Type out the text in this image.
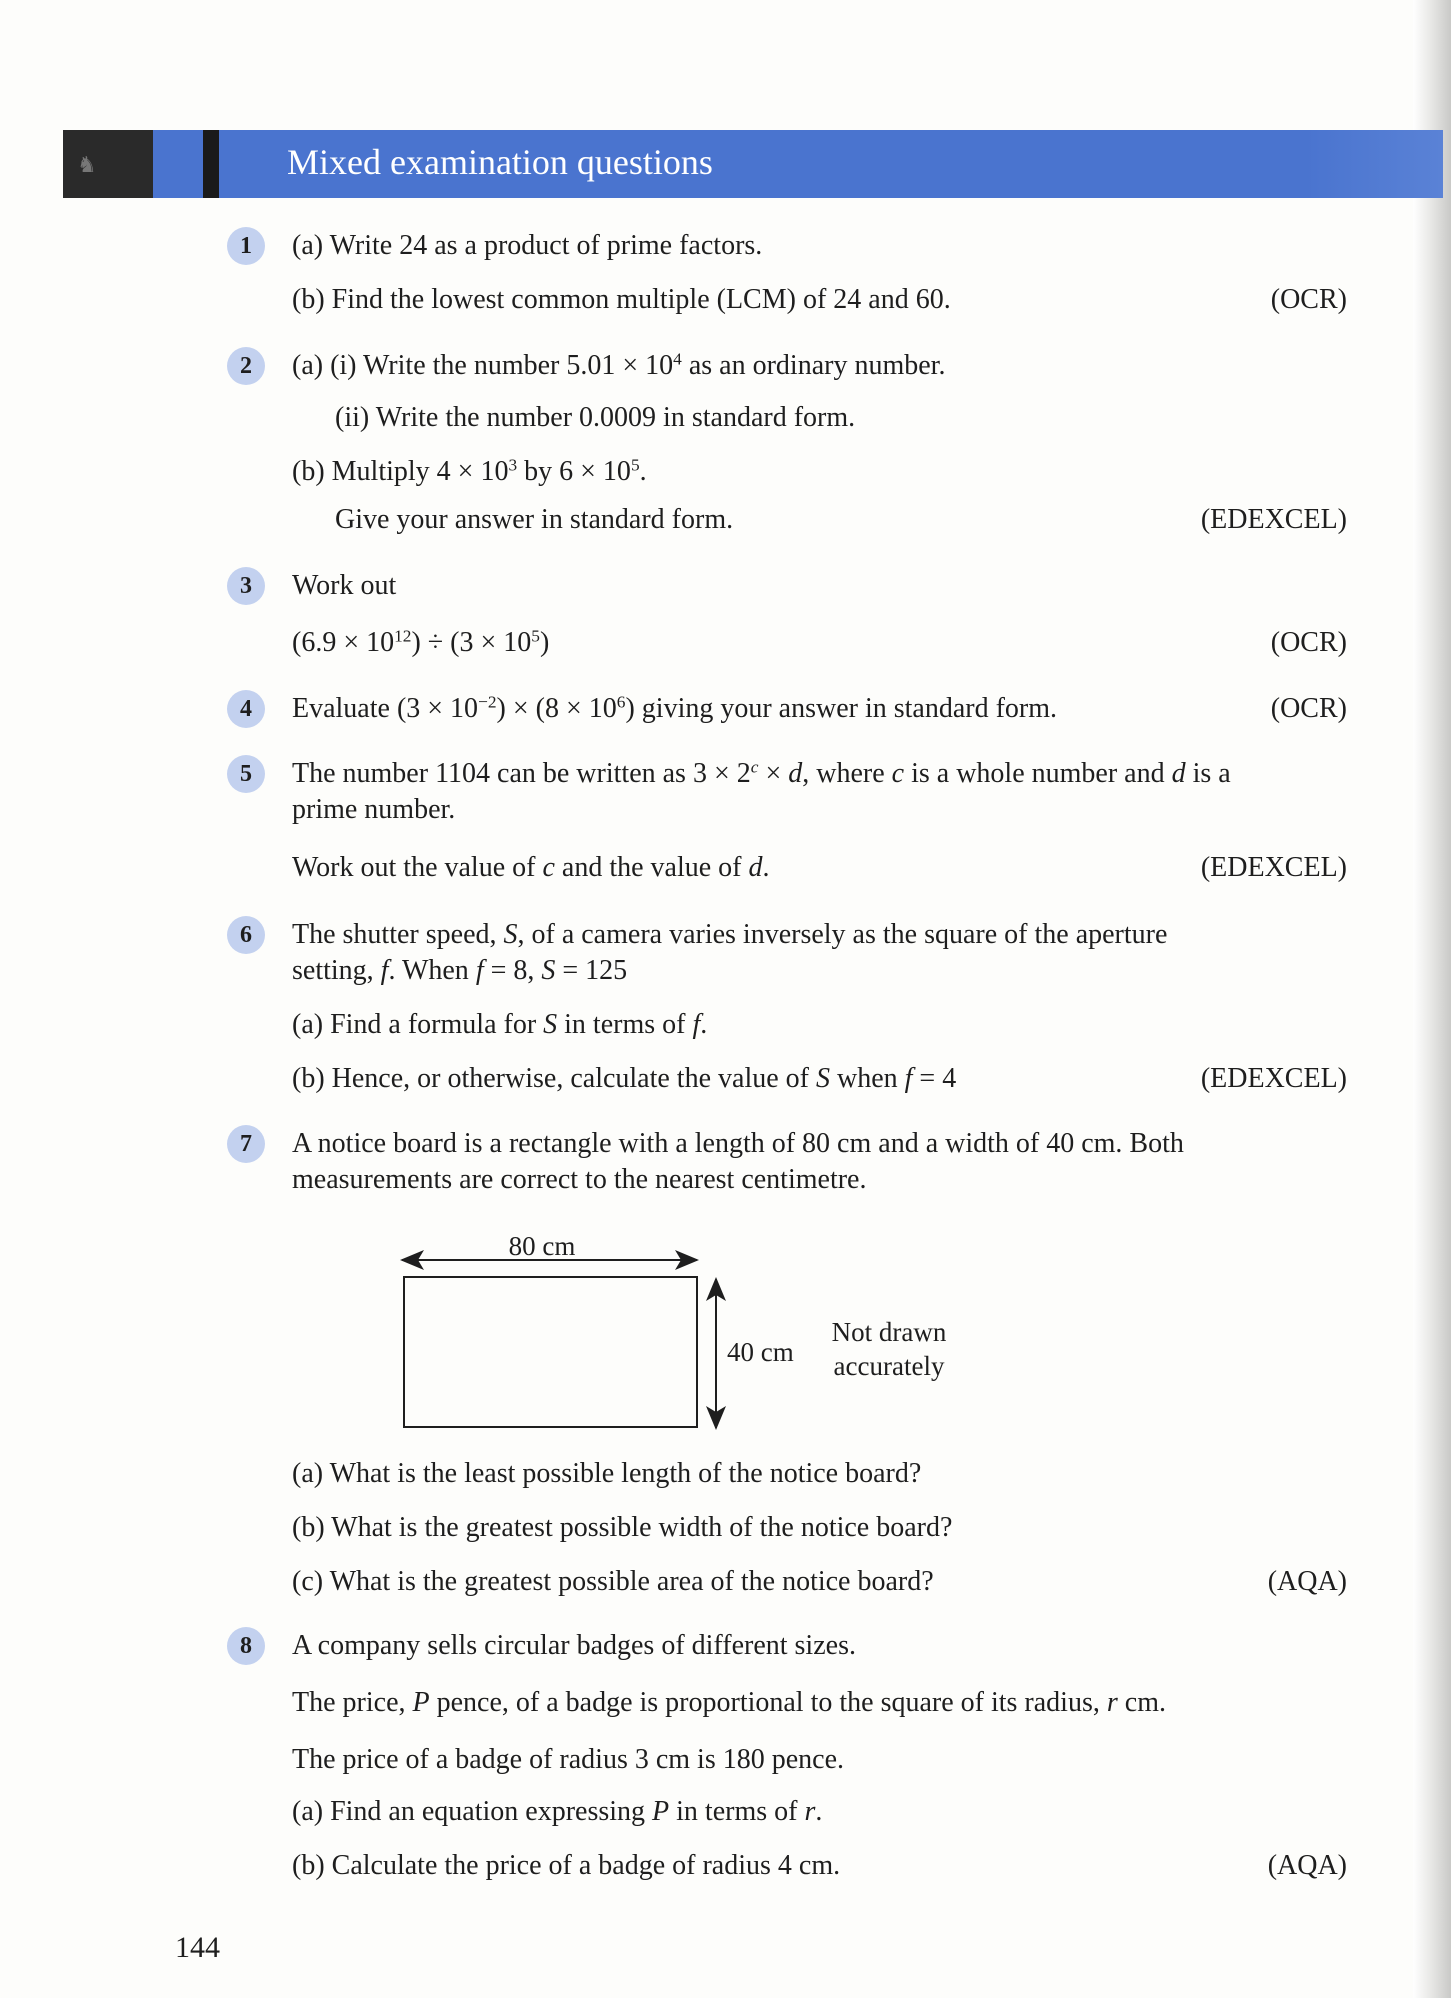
♞	Mixed examination questions
1	(a) Write 24 as a product of prime factors.
(b) Find the lowest common multiple (LCM) of 24 and 60.	(OCR)
2	(a) (i) Write the number $5.01 \times 10^4$ as an ordinary number.
(ii) Write the number 0.0009 in standard form.
(b) Multiply $4 \times 10^3$ by $6 \times 10^5$.
Give your answer in standard form.	(EDEXCEL)
3	Work out
$(6.9 \times 10^{12}) \div (3 \times 10^5)$	(OCR)
4	Evaluate $(3 \times 10^{-2}) \times (8 \times 10^6)$ giving your answer in standard form.	(OCR)
5	The number 1104 can be written as $3 \times 2^c \times d$, where c is a whole number and d is a
prime number.
Work out the value of c and the value of d.	(EDEXCEL)
6	The shutter speed, S, of a camera varies inversely as the square of the aperture
setting, f. When f = 8, S = 125
(a) Find a formula for S in terms of f.
(b) Hence, or otherwise, calculate the value of S when f = 4	(EDEXCEL)
7	A notice board is a rectangle with a length of 80 cm and a width of 40 cm. Both
measurements are correct to the nearest centimetre.
80 cm
40 cm
Not drawn
accurately
(a) What is the least possible length of the notice board?
(b) What is the greatest possible width of the notice board?
(c) What is the greatest possible area of the notice board?	(AQA)
8	A company sells circular badges of different sizes.
The price, P pence, of a badge is proportional to the square of its radius, r cm.
The price of a badge of radius 3 cm is 180 pence.
(a) Find an equation expressing P in terms of r.
(b) Calculate the price of a badge of radius 4 cm.	(AQA)
144
